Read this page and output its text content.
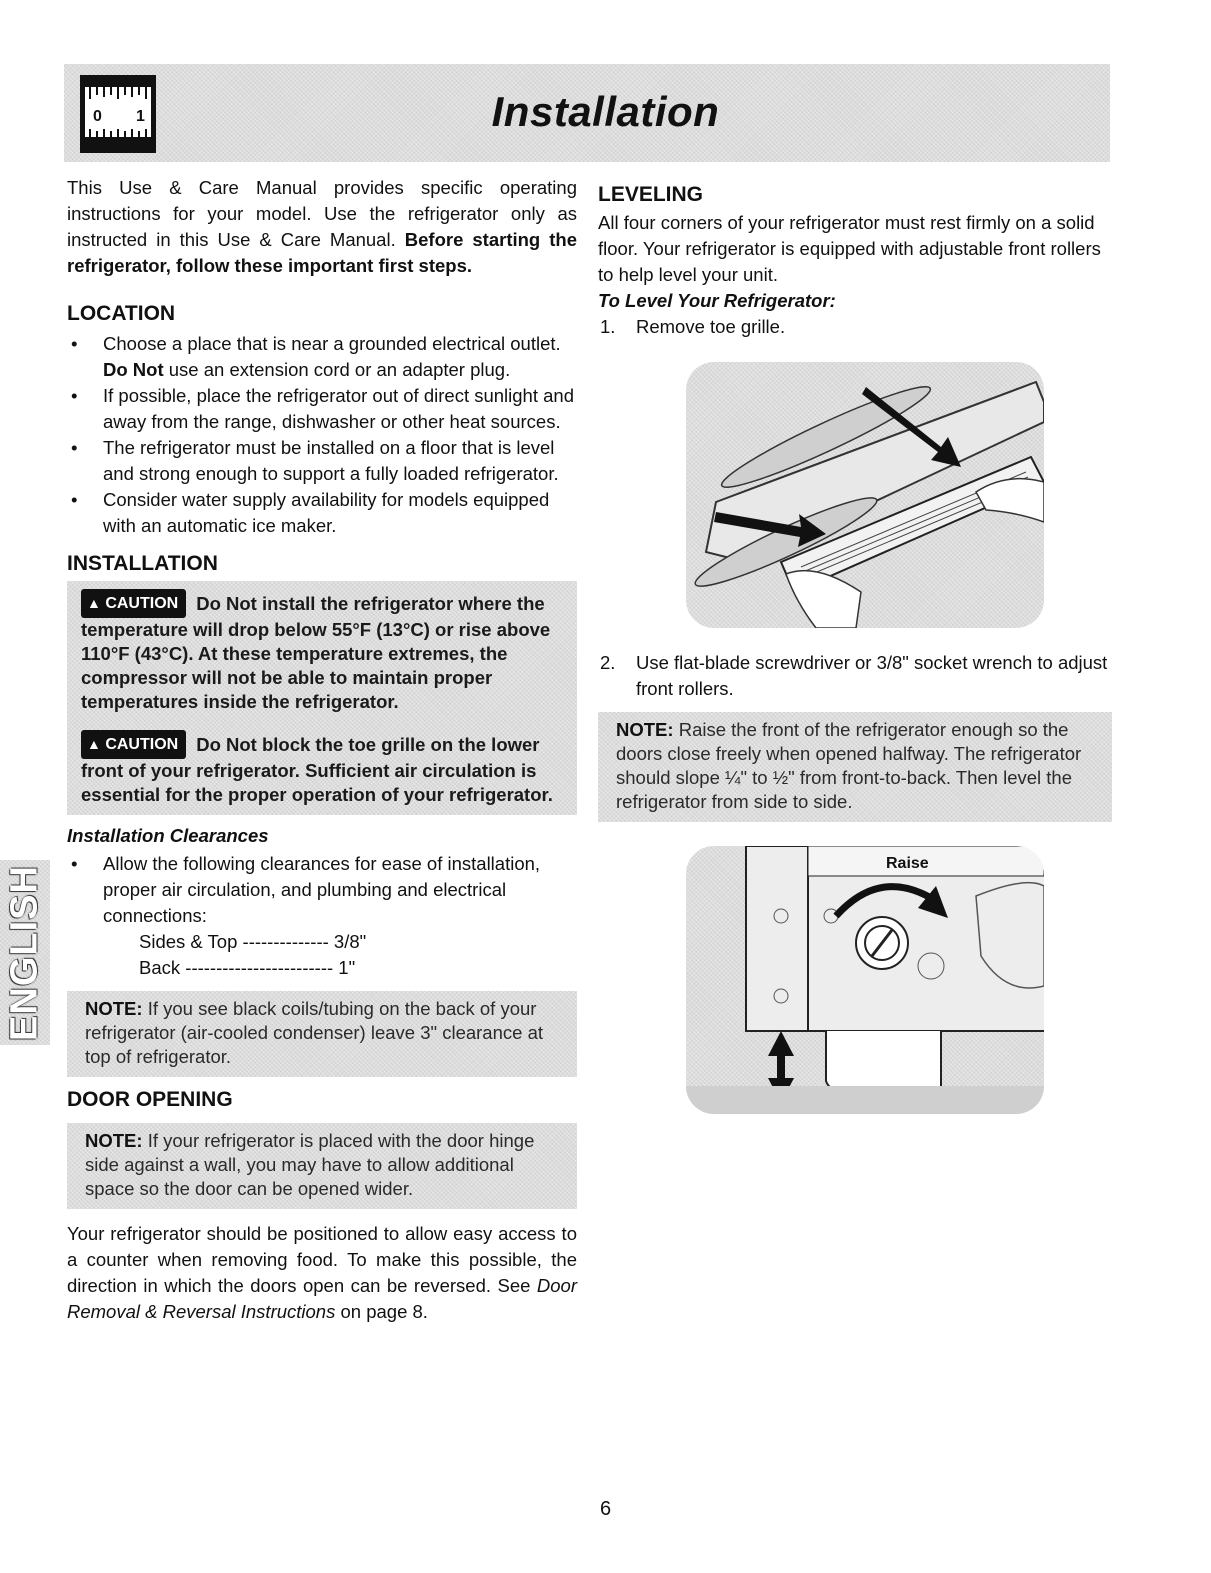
0 1	Installation
ENGLISH

This Use & Care Manual provides specific operating instructions for your model. Use the refrigerator only as instructed in this Use & Care Manual. Before starting the refrigerator, follow these important first steps.

LOCATION
• Choose a place that is near a grounded electrical outlet. Do Not use an extension cord or an adapter plug.
• If possible, place the refrigerator out of direct sunlight and away from the range, dishwasher or other heat sources.
• The refrigerator must be installed on a floor that is level and strong enough to support a fully loaded refrigerator.
• Consider water supply availability for models equipped with an automatic ice maker.
INSTALLATION
▲ CAUTION Do Not install the refrigerator where the temperature will drop below 55°F (13°C) or rise above 110°F (43°C). At these temperature extremes, the compressor will not be able to maintain proper temperatures inside the refrigerator.
▲ CAUTION Do Not block the toe grille on the lower front of your refrigerator. Sufficient air circulation is essential for the proper operation of your refrigerator.
Installation Clearances
• Allow the following clearances for ease of installation, proper air circulation, and plumbing and electrical connections:
Sides & Top -------------- 3/8"
Back ------------------------ 1"
NOTE: If you see black coils/tubing on the back of your refrigerator (air-cooled condenser) leave 3" clearance at top of refrigerator.
DOOR OPENING
NOTE: If your refrigerator is placed with the door hinge side against a wall, you may have to allow additional space so the door can be opened wider.

Your refrigerator should be positioned to allow easy access to a counter when removing food. To make this possible, the direction in which the doors open can be reversed. See Door Removal & Reversal Instructions on page 8.

LEVELING

All four corners of your refrigerator must rest firmly on a solid floor. Your refrigerator is equipped with adjustable front rollers to help level your unit.

To Level Your Refrigerator:
1. Remove toe grille.
2. Use flat-blade screwdriver or 3/8" socket wrench to adjust front rollers.
NOTE: Raise the front of the refrigerator enough so the doors close freely when opened halfway. The refrigerator should slope ¼" to ½" from front-to-back. Then level the refrigerator from side to side.
Raise
6
